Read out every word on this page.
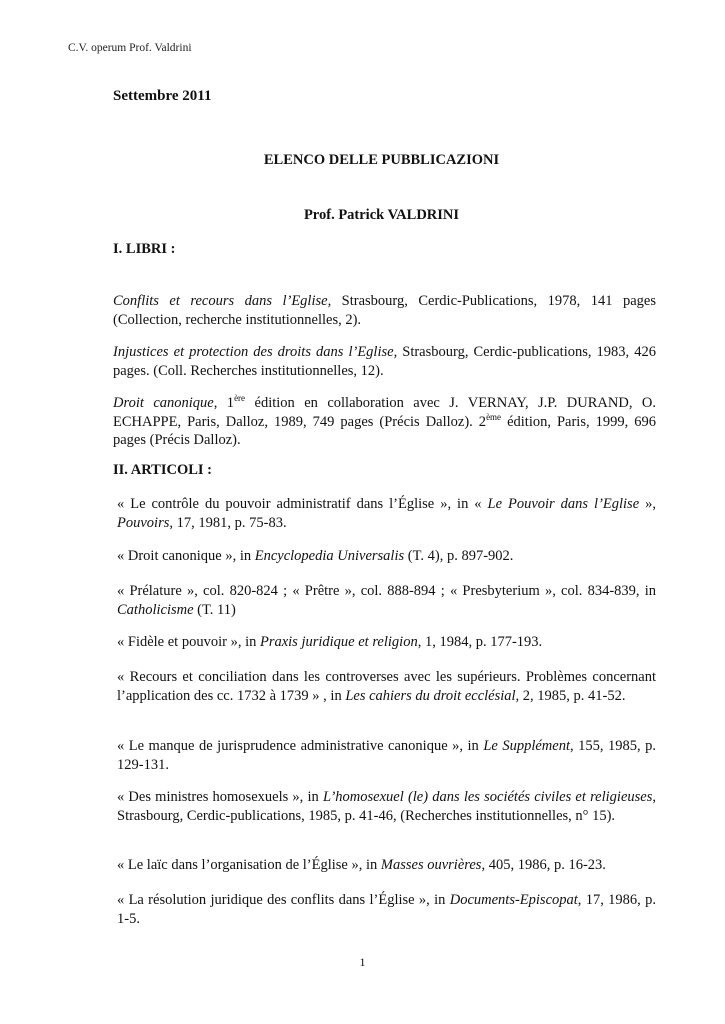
C.V. operum Prof. Valdrini
Settembre 2011
ELENCO DELLE PUBBLICAZIONI
Prof. Patrick VALDRINI
I. LIBRI :

Conflits et recours dans l’Eglise, Strasbourg, Cerdic-Publications, 1978, 141 pages (Collection, recherche institutionnelles, 2).

Injustices et protection des droits dans l’Eglise, Strasbourg, Cerdic-publications, 1983, 426 pages. (Coll. Recherches institutionnelles, 12).

Droit canonique, 1ère édition en collaboration avec J. VERNAY, J.P. DURAND, O. ECHAPPE, Paris, Dalloz, 1989, 749 pages (Précis Dalloz). 2ème édition, Paris, 1999, 696 pages (Précis Dalloz).

II. ARTICOLI :

« Le contrôle du pouvoir administratif dans l’Église », in « Le Pouvoir dans l’Eglise », Pouvoirs, 17, 1981, p. 75-83.

« Droit canonique », in Encyclopedia Universalis (T. 4), p. 897-902.

« Prélature », col. 820-824 ; « Prêtre », col. 888-894 ; « Presbyterium », col. 834-839, in Catholicisme (T. 11)

« Fidèle et pouvoir », in Praxis juridique et religion, 1, 1984, p. 177-193.

« Recours et conciliation dans les controverses avec les supérieurs. Problèmes concernant l’application des cc. 1732 à 1739 » , in Les cahiers du droit ecclésial, 2, 1985, p. 41-52.

« Le manque de jurisprudence administrative canonique », in Le Supplément, 155, 1985, p. 129-131.

« Des ministres homosexuels », in L’homosexuel (le) dans les sociétés civiles et religieuses, Strasbourg, Cerdic-publications, 1985, p. 41-46, (Recherches institutionnelles, n° 15).

« Le laïc dans l’organisation de l’Église », in Masses ouvrières, 405, 1986, p. 16-23.

« La résolution juridique des conflits dans l’Église », in Documents-Episcopat, 17, 1986, p. 1-5.

1
